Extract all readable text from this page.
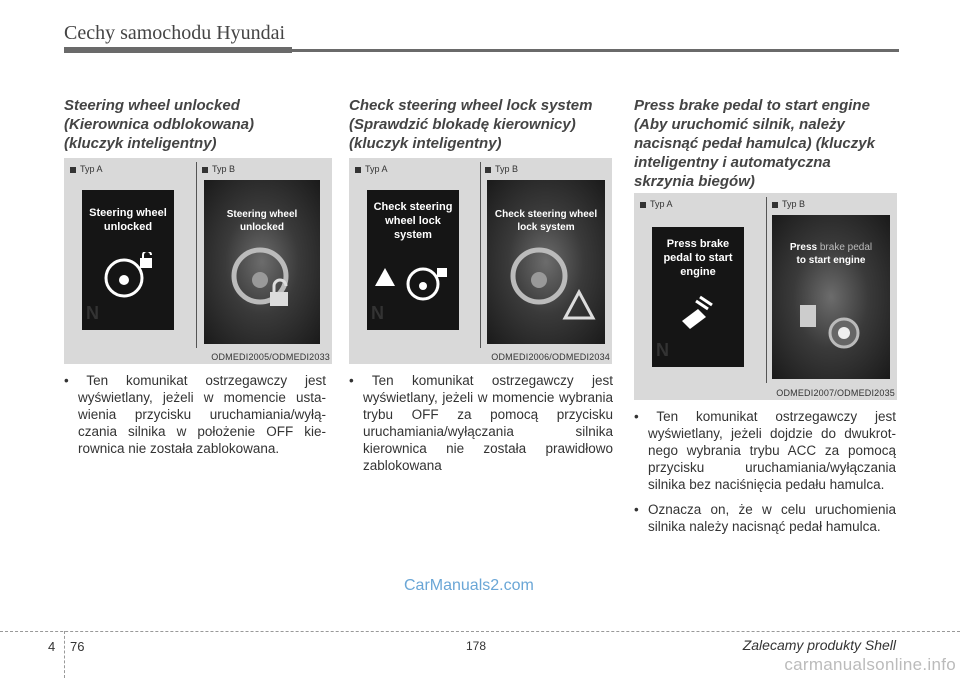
Cechy samochodu Hyundai

Steering wheel unlocked (Kierownica odblokowana) (kluczyk inteligentny)

Typ A	Typ B
Steering wheel unlocked
N
Steering wheel unlocked
ODMEDI2005/ODMEDI2033

• Ten komunikat ostrzegawczy jest wyświetlany, jeżeli w momencie ustawienia przycisku uruchamiania/wyłączania silnika w położenie OFF kierownica nie została zablokowana.

Check steering wheel lock system (Sprawdzić blokadę kierownicy) (kluczyk inteligentny)

Typ A	Typ B
Check steering wheel lock system
N
Check steering wheel lock system
ODMEDI2006/ODMEDI2034

• Ten komunikat ostrzegawczy jest wyświetlany, jeżeli w momencie wybrania trybu OFF za pomocą przycisku uruchamiania/wyłączania silnika kierownica nie została prawidłowo zablokowana

Press brake pedal to start engine (Aby uruchomić silnik, należy nacisnąć pedał hamulca) (kluczyk inteligentny i automatyczna skrzynia biegów)

Typ A	Typ B
Press brake pedal to start engine
N
Press brake pedal
to start engine
ODMEDI2007/ODMEDI2035

• Ten komunikat ostrzegawczy jest wyświetlany, jeżeli dojdzie do dwukrotnego wybrania trybu ACC za pomocą przycisku uruchamiania/wyłączania silnika bez naciśnięcia pedału hamulca.

• Oznacza on, że w celu uruchomienia silnika należy nacisnąć pedał hamulca.

CarManuals2.com
4 76	178	Zalecamy produkty Shell
carmanualsonline.info
